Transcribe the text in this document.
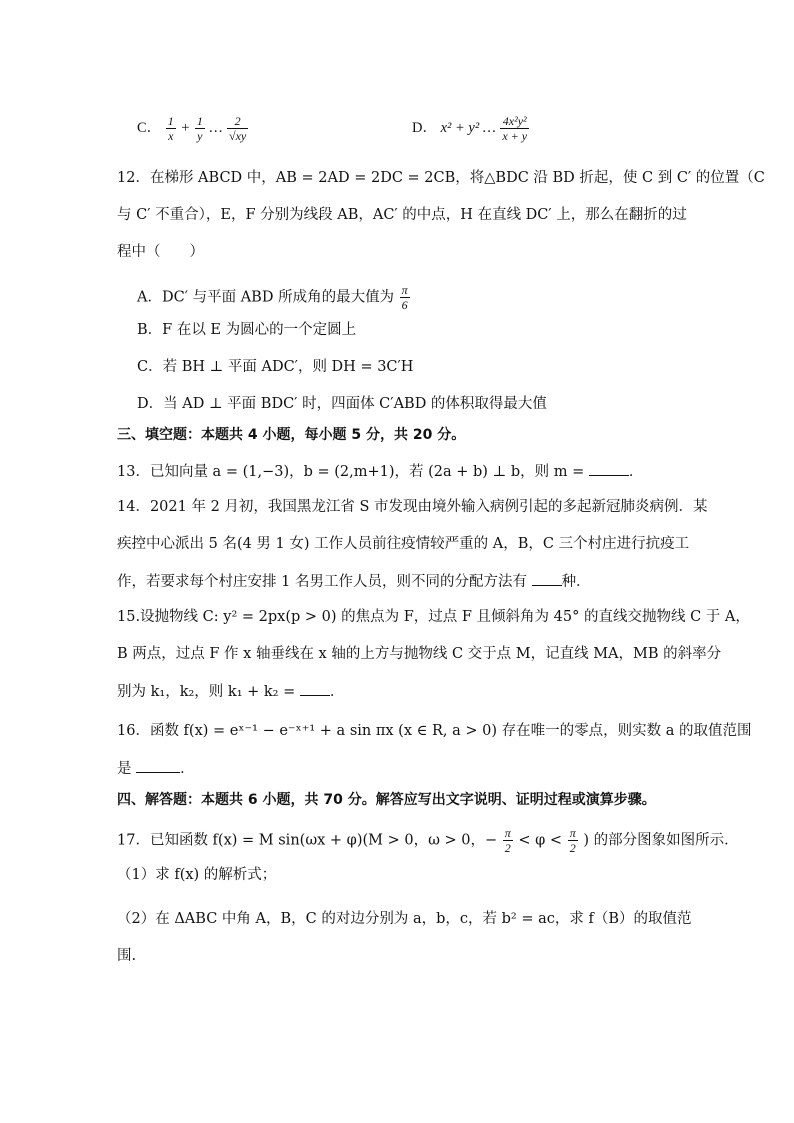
C． $\frac{1}{x} + \frac{1}{y}$ … $\frac{2}{√xy}$	D． x² + y² … $\frac{\text{4x²y²}}{x + y}$
12．在梯形 ABCD 中，AB = 2AD = 2DC = 2CB，将△BDC 沿 BD 折起，使 C 到 C′ 的位置（C
与 C′ 不重合），E，F 分别为线段 AB，AC′ 的中点，H 在直线 DC′ 上，那么在翻折的过
程中（　　）
A．DC′ 与平面 ABD 所成角的最大值为 $\frac{\pi}{6}$
B．F 在以 E 为圆心的一个定圆上
C．若 BH ⊥ 平面 ADC′，则 DH = 3C′H
D．当 AD ⊥ 平面 BDC′ 时，四面体 C′ABD 的体积取得最大值
三、填空题：本题共 4 小题，每小题 5 分，共 20 分。
13．已知向量 a = (1,−3)，b = (2,m+1)，若 (2a + b) ⊥ b，则 m =	．
14．2021 年 2 月初，我国黑龙江省 S 市发现由境外输入病例引起的多起新冠肺炎病例．某
疾控中心派出 5 名(4 男 1 女) 工作人员前往疫情较严重的 A，B，C 三个村庄进行抗疫工
作，若要求每个村庄安排 1 名男工作人员，则不同的分配方法有 种．
15.设抛物线 C: y² = 2px(p > 0) 的焦点为 F，过点 F 且倾斜角为 45° 的直线交抛物线 C 于 A，
B 两点，过点 F 作 x 轴垂线在 x 轴的上方与抛物线 C 交于点 M，记直线 MA，MB 的斜率分
别为 k₁，k₂，则 k₁ + k₂ = ．
16．函数 f(x) = eˣ⁻¹ − e⁻ˣ⁺¹ + a sin πx (x ∈ R, a > 0) 存在唯一的零点，则实数 a 的取值范围
是	．
四、解答题：本题共 6 小题，共 70 分。解答应写出文字说明、证明过程或演算步骤。
17．已知函数 f(x) = M sin(ωx + φ)(M > 0，ω > 0，− $\frac{\pi}{2} < \varphi < \frac{\pi}{2}$ ) 的部分图象如图所示．
（1）求 f(x) 的解析式；
（2）在 ΔABC 中角 A，B，C 的对边分别为 a，b，c，若 b² = ac，求 f（B）的取值范
围.
